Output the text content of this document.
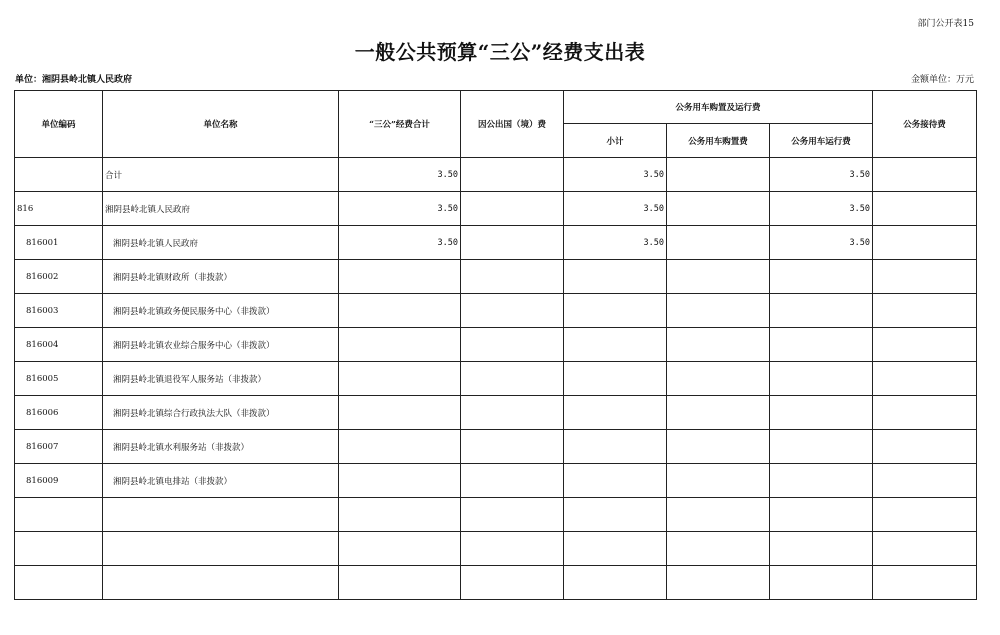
部门公开表15
一般公共预算“三公”经费支出表
单位：湘阴县岭北镇人民政府	金额单位：万元
单位编码	单位名称	“三公”经费合计	因公出国（境）费	公务用车购置及运行费			公务接待费
				小计	公务用车购置费	公务用车运行费	
	合计	3.50		3.50		3.50	
816	湘阴县岭北镇人民政府	3.50		3.50		3.50	
816001	湘阴县岭北镇人民政府	3.50		3.50		3.50	
816002	湘阴县岭北镇财政所（非拨款）						
816003	湘阴县岭北镇政务便民服务中心（非拨款）						
816004	湘阴县岭北镇农业综合服务中心（非拨款）						
816005	湘阴县岭北镇退役军人服务站（非拨款）						
816006	湘阴县岭北镇综合行政执法大队（非拨款）						
816007	湘阴县岭北镇水利服务站（非拨款）						
816009	湘阴县岭北镇电排站（非拨款）						
